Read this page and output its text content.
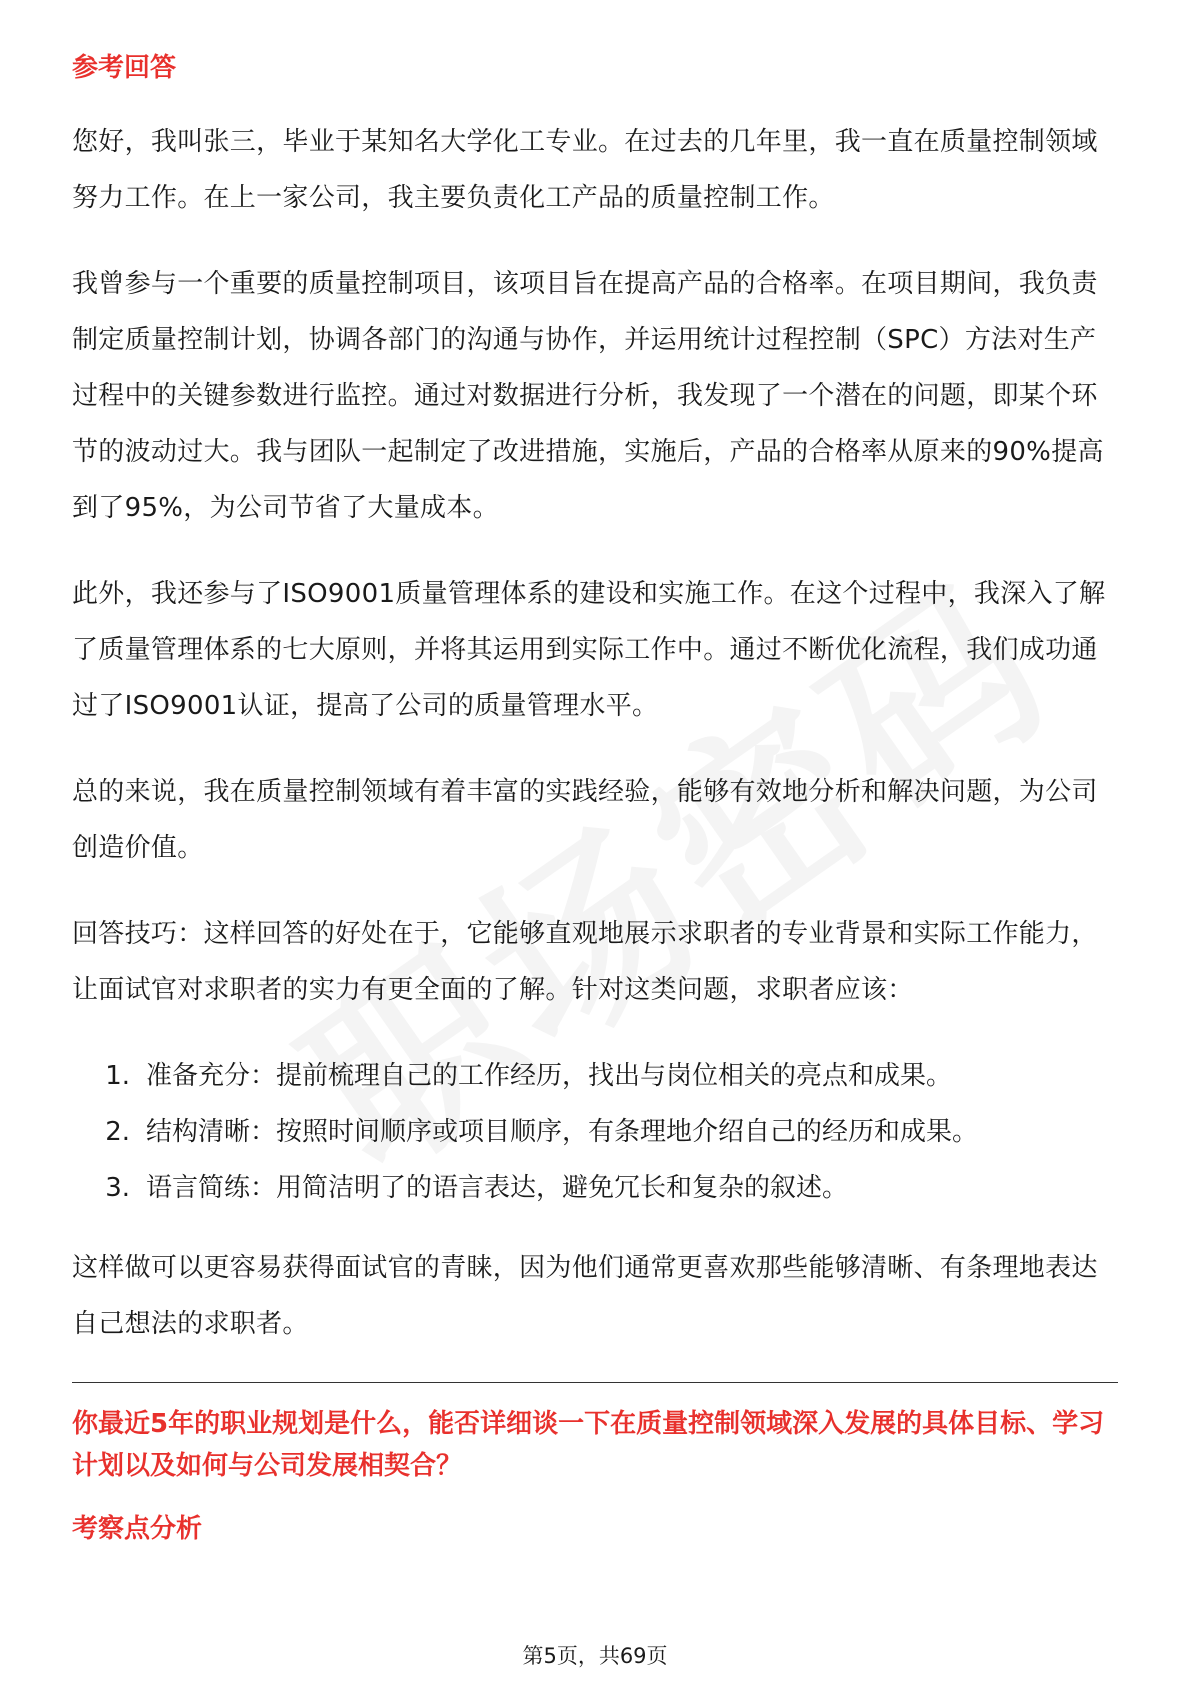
参考回答

您好，我叫张三，毕业于某知名大学化工专业。在过去的几年里，我一直在质量控制领域努力工作。在上一家公司，我主要负责化工产品的质量控制工作。

我曾参与一个重要的质量控制项目，该项目旨在提高产品的合格率。在项目期间，我负责制定质量控制计划，协调各部门的沟通与协作，并运用统计过程控制（SPC）方法对生产过程中的关键参数进行监控。通过对数据进行分析，我发现了一个潜在的问题，即某个环节的波动过大。我与团队一起制定了改进措施，实施后，产品的合格率从原来的90%提高到了95%，为公司节省了大量成本。

此外，我还参与了ISO9001质量管理体系的建设和实施工作。在这个过程中，我深入了解了质量管理体系的七大原则，并将其运用到实际工作中。通过不断优化流程，我们成功通过了ISO9001认证，提高了公司的质量管理水平。

总的来说，我在质量控制领域有着丰富的实践经验，能够有效地分析和解决问题，为公司创造价值。

回答技巧：这样回答的好处在于，它能够直观地展示求职者的专业背景和实际工作能力，让面试官对求职者的实力有更全面的了解。针对这类问题，求职者应该：

1. 准备充分：提前梳理自己的工作经历，找出与岗位相关的亮点和成果。
2. 结构清晰：按照时间顺序或项目顺序，有条理地介绍自己的经历和成果。
3. 语言简练：用简洁明了的语言表达，避免冗长和复杂的叙述。

这样做可以更容易获得面试官的青睐，因为他们通常更喜欢那些能够清晰、有条理地表达自己想法的求职者。

你最近5年的职业规划是什么，能否详细谈一下在质量控制领域深入发展的具体目标、学习计划以及如何与公司发展相契合？

考察点分析
第5页，共69页
